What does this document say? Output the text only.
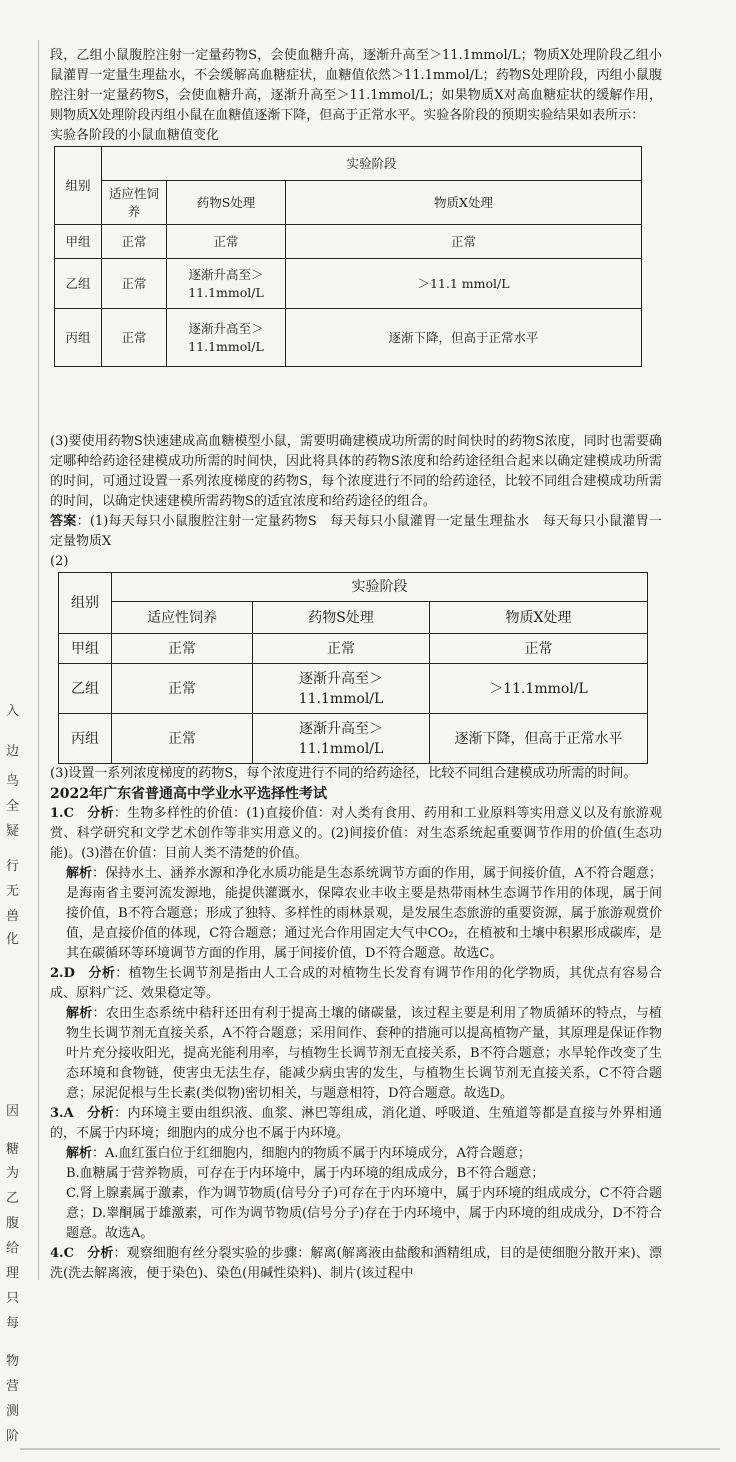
入
边
鸟
全
疑
行
无
兽
化
因
糖
为
乙
腹
给
理
只
每
物
营
测
阶

段，乙组小鼠腹腔注射一定量药物S，会使血糖升高，逐渐升高至＞11.1mmol/L；物质X处理阶段乙组小鼠灌胃一定量生理盐水，不会缓解高血糖症状，血糖值依然＞11.1mmol/L；药物S处理阶段，丙组小鼠腹腔注射一定量药物S，会使血糖升高，逐渐升高至＞11.1mmol/L；如果物质X对高血糖症状的缓解作用，则物质X处理阶段丙组小鼠在血糖值逐渐下降，但高于正常水平。实验各阶段的预期实验结果如表所示：

实验各阶段的小鼠血糖值变化

组别	实验阶段		
	适应性饲养	药物S处理	物质X处理
甲组	正常	正常	正常
乙组	正常	逐渐升高至＞11.1mmol/L	＞11.1 mmol/L
丙组	正常	逐渐升高至＞11.1mmol/L	逐渐下降，但高于正常水平

(3)要使用药物S快速建成高血糖模型小鼠，需要明确建模成功所需的时间快时的药物S浓度，同时也需要确定哪种给药途径建模成功所需的时间快，因此将具体的药物S浓度和给药途径组合起来以确定建模成功所需的时间，可通过设置一系列浓度梯度的药物S，每个浓度进行不同的给药途径，比较不同组合建模成功所需的时间，以确定快速建模所需药物S的适宜浓度和给药途径的组合。

答案：(1)每天每只小鼠腹腔注射一定量药物S　每天每只小鼠灌胃一定量生理盐水　每天每只小鼠灌胃一定量物质X

(2)

组别	实验阶段		
	适应性饲养	药物S处理	物质X处理
甲组	正常	正常	正常
乙组	正常	逐渐升高至＞11.1mmol/L	＞11.1mmol/L
丙组	正常	逐渐升高至＞11.1mmol/L	逐渐下降，但高于正常水平

(3)设置一系列浓度梯度的药物S，每个浓度进行不同的给药途径，比较不同组合建模成功所需的时间。

2022年广东省普通高中学业水平选择性考试

1.C　 分析：生物多样性的价值：(1)直接价值：对人类有食用、药用和工业原料等实用意义以及有旅游观赏、科学研究和文学艺术创作等非实用意义的。(2)间接价值：对生态系统起重要调节作用的价值(生态功能)。(3)潜在价值：目前人类不清楚的价值。

解析：保持水土、涵养水源和净化水质功能是生态系统调节方面的作用，属于间接价值，A不符合题意；是海南省主要河流发源地，能提供灌溉水，保障农业丰收主要是热带雨林生态调节作用的体现，属于间接价值，B不符合题意；形成了独特、多样性的雨林景观，是发展生态旅游的重要资源，属于旅游观赏价值，是直接价值的体现，C符合题意；通过光合作用固定大气中CO₂，在植被和土壤中积累形成碳库，是其在碳循环等环境调节方面的作用，属于间接价值，D不符合题意。故选C。

2.D　 分析：植物生长调节剂是指由人工合成的对植物生长发育有调节作用的化学物质，其优点有容易合成、原料广泛、效果稳定等。

解析：农田生态系统中秸秆还田有利于提高土壤的储碳量，该过程主要是利用了物质循环的特点，与植物生长调节剂无直接关系，A不符合题意；采用间作、套种的措施可以提高植物产量，其原理是保证作物叶片充分接收阳光，提高光能利用率，与植物生长调节剂无直接关系，B不符合题意；水旱轮作改变了生态环境和食物链，使害虫无法生存，能减少病虫害的发生，与植物生长调节剂无直接关系，C不符合题意；尿泥促根与生长素(类似物)密切相关，与题意相符，D符合题意。故选D。

3.A　 分析：内环境主要由组织液、血浆、淋巴等组成，消化道、呼吸道、生殖道等都是直接与外界相通的，不属于内环境；细胞内的成分也不属于内环境。

解析：A.血红蛋白位于红细胞内，细胞内的物质不属于内环境成分，A符合题意；

B.血糖属于营养物质，可存在于内环境中，属于内环境的组成成分，B不符合题意；

C.肾上腺素属于激素，作为调节物质(信号分子)可存在于内环境中，属于内环境的组成成分，C不符合题意；D.睾酮属于雄激素，可作为调节物质(信号分子)存在于内环境中，属于内环境的组成成分，D不符合题意。故选A。

4.C　 分析：观察细胞有丝分裂实验的步骤：解离(解离液由盐酸和酒精组成，目的是使细胞分散开来)、漂洗(洗去解离液，便于染色)、染色(用碱性染料)、制片(该过程中
